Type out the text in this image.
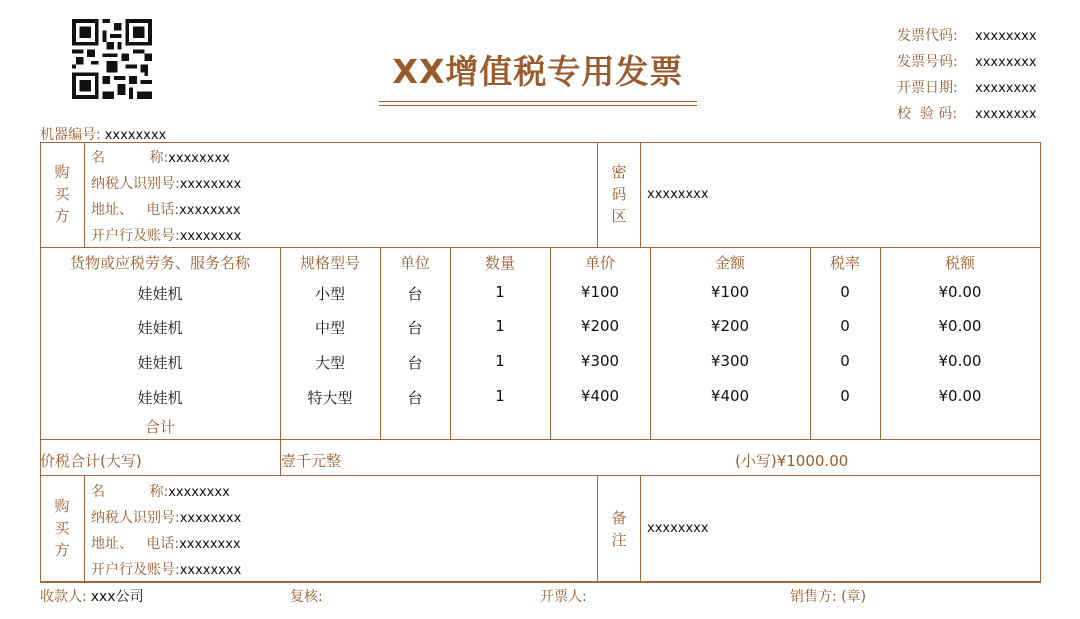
XX增值税专用发票
发票代码: xxxxxxxx
发票号码: xxxxxxxx
开票日期: xxxxxxxx
校  验 码: xxxxxxxx
机器编号: xxxxxxxx
购
买
方
名          称:xxxxxxxx
纳税人识别号:xxxxxxxx
地址、   电话:xxxxxxxx
开户行及账号:xxxxxxxx
密
码
区
xxxxxxxx
货物或应税劳务、服务名称	规格型号	单位	数量	单价	金额	税率	税额
娃娃机	小型	台	1	¥100	¥100	0	¥0.00
娃娃机	中型	台	1	¥200	¥200	0	¥0.00
娃娃机	大型	台	1	¥300	¥300	0	¥0.00
娃娃机	特大型	台	1	¥400	¥400	0	¥0.00
合计
价税合计(大写)	壹千元整	(小写)¥1000.00
购
买
方
名          称:xxxxxxxx
纳税人识别号:xxxxxxxx
地址、   电话:xxxxxxxx
开户行及账号:xxxxxxxx
备
注
xxxxxxxx
收款人: xxx公司	复核:	开票人:	销售方: (章)
